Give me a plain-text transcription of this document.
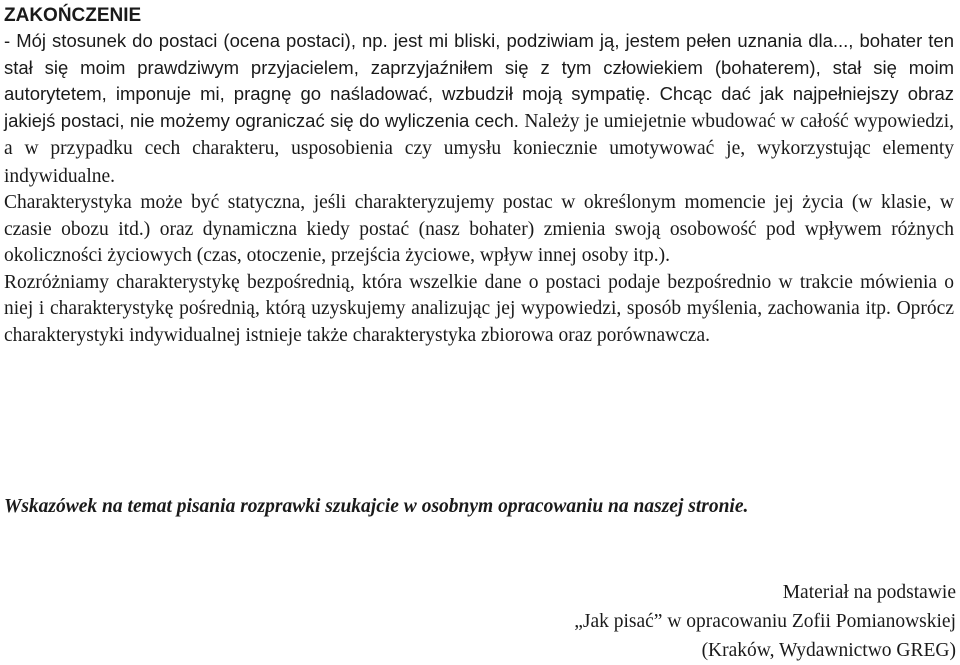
ZAKOŃCZENIE

- Mój stosunek do postaci (ocena postaci), np. jest mi bliski, podziwiam ją, jestem pełen uznania dla..., bohater ten stał się moim prawdziwym przyjacielem, zaprzyjaźniłem się z tym człowiekiem (bohaterem), stał się moim autorytetem, imponuje mi, pragnę go naśladować, wzbudził moją sympatię. Chcąc dać jak najpełniejszy obraz jakiejś postaci, nie możemy ograniczać się do wyliczenia cech. Należy je umiejetnie wbudować w całość wypowiedzi, a w przypadku cech charakteru, usposobienia czy umysłu koniecznie umotywować je, wykorzystując elementy indywidualne.

Charakterystyka może być statyczna, jeśli charakteryzujemy postac w określonym momencie jej życia (w klasie, w czasie obozu itd.) oraz dynamiczna kiedy postać (nasz bohater) zmienia swoją osobowość pod wpływem różnych okoliczności życiowych (czas, otoczenie, przejścia życiowe, wpływ innej osoby itp.).

Rozróżniamy charakterystykę bezpośrednią, która wszelkie dane o postaci podaje bezpośrednio w trakcie mówienia o niej i charakterystykę pośrednią, którą uzyskujemy analizując jej wypowiedzi, sposób myślenia, zachowania itp. Oprócz charakterystyki indywidualnej istnieje także charakterystyka zbiorowa oraz porównawcza.

Wskazówek na temat pisania rozprawki szukajcie w osobnym opracowaniu na naszej stronie.

Materiał na podstawie
„Jak pisać” w opracowaniu Zofii Pomianowskiej
(Kraków, Wydawnictwo GREG)
